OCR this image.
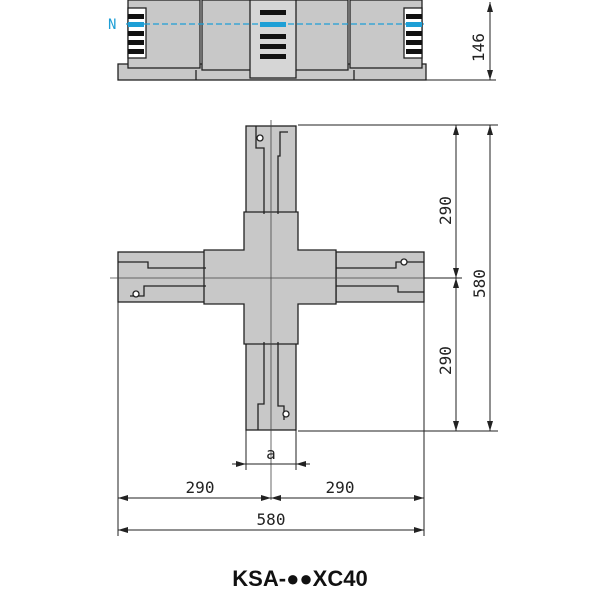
N
146
290
290
580
a
290	290
580
KSA-●●XC40
